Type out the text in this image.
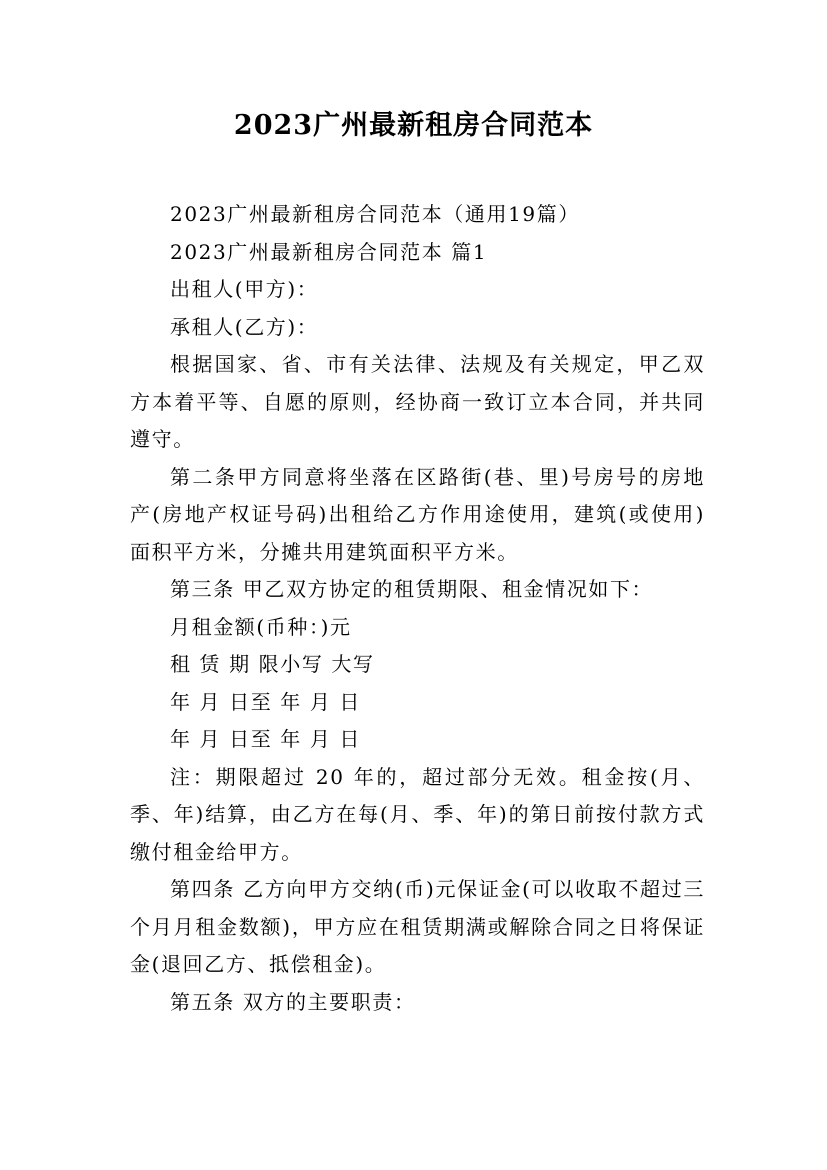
2023广州最新租房合同范本

2023广州最新租房合同范本（通用19篇）

2023广州最新租房合同范本 篇1

出租人(甲方)：

承租人(乙方)：

根据国家、省、市有关法律、法规及有关规定，甲乙双方本着平等、自愿的原则，经协商一致订立本合同，并共同遵守。

第二条甲方同意将坐落在区路街(巷、里)号房号的房地产(房地产权证号码)出租给乙方作用途使用，建筑(或使用)面积平方米，分摊共用建筑面积平方米。

第三条 甲乙双方协定的租赁期限、租金情况如下：

月租金额(币种：)元

租 赁 期 限小写 大写

年 月 日至 年 月 日

年 月 日至 年 月 日

注：期限超过 20 年的，超过部分无效。租金按(月、季、年)结算，由乙方在每(月、季、年)的第日前按付款方式缴付租金给甲方。

第四条 乙方向甲方交纳(币)元保证金(可以收取不超过三个月月租金数额)，甲方应在租赁期满或解除合同之日将保证金(退回乙方、抵偿租金)。

第五条 双方的主要职责：
